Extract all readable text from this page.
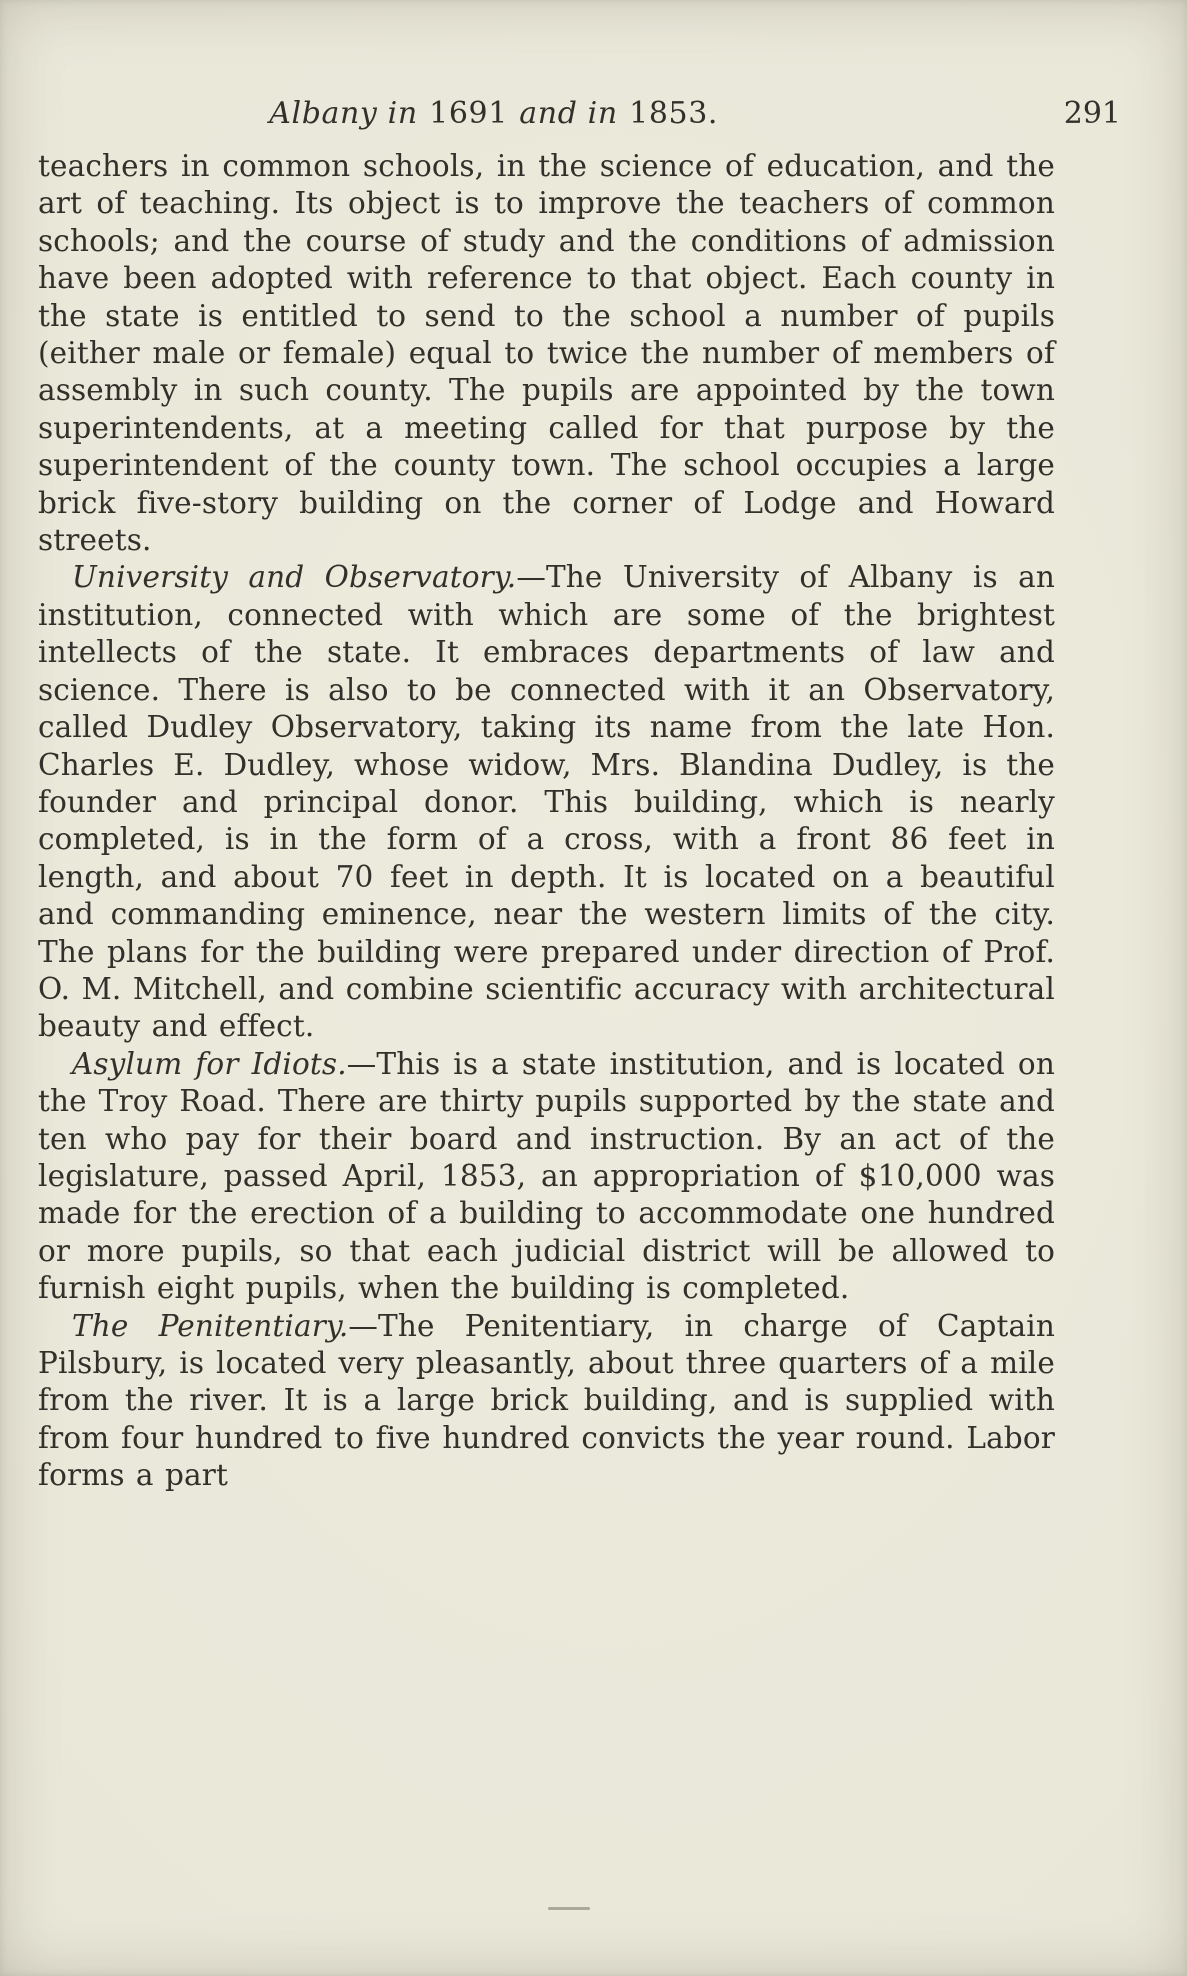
Albany in 1691 and in 1853.	291

teachers in common schools, in the science of education, and the art of teaching. Its object is to improve the teachers of common schools; and the course of study and the conditions of admission have been adopted with reference to that object. Each county in the state is entitled to send to the school a number of pupils (either male or female) equal to twice the number of members of assembly in such county. The pupils are appointed by the town superintendents, at a meeting called for that purpose by the superintendent of the county town. The school occupies a large brick five-story building on the corner of Lodge and Howard streets.

University and Observatory.—The University of Albany is an institution, connected with which are some of the brightest intellects of the state. It embraces departments of law and science. There is also to be connected with it an Observatory, called Dudley Observatory, taking its name from the late Hon. Charles E. Dudley, whose widow, Mrs. Blandina Dudley, is the founder and principal donor. This building, which is nearly completed, is in the form of a cross, with a front 86 feet in length, and about 70 feet in depth. It is located on a beautiful and commanding eminence, near the western limits of the city. The plans for the building were prepared under direction of Prof. O. M. Mitchell, and combine scientific accuracy with architectural beauty and effect.

Asylum for Idiots.—This is a state institution, and is located on the Troy Road. There are thirty pupils supported by the state and ten who pay for their board and instruction. By an act of the legislature, passed April, 1853, an appropriation of $10,000 was made for the erection of a building to accommodate one hundred or more pupils, so that each judicial district will be allowed to furnish eight pupils, when the building is completed.

The Penitentiary.—The Penitentiary, in charge of Captain Pilsbury, is located very pleasantly, about three quarters of a mile from the river. It is a large brick building, and is supplied with from four hundred to five hundred convicts the year round. Labor forms a part
